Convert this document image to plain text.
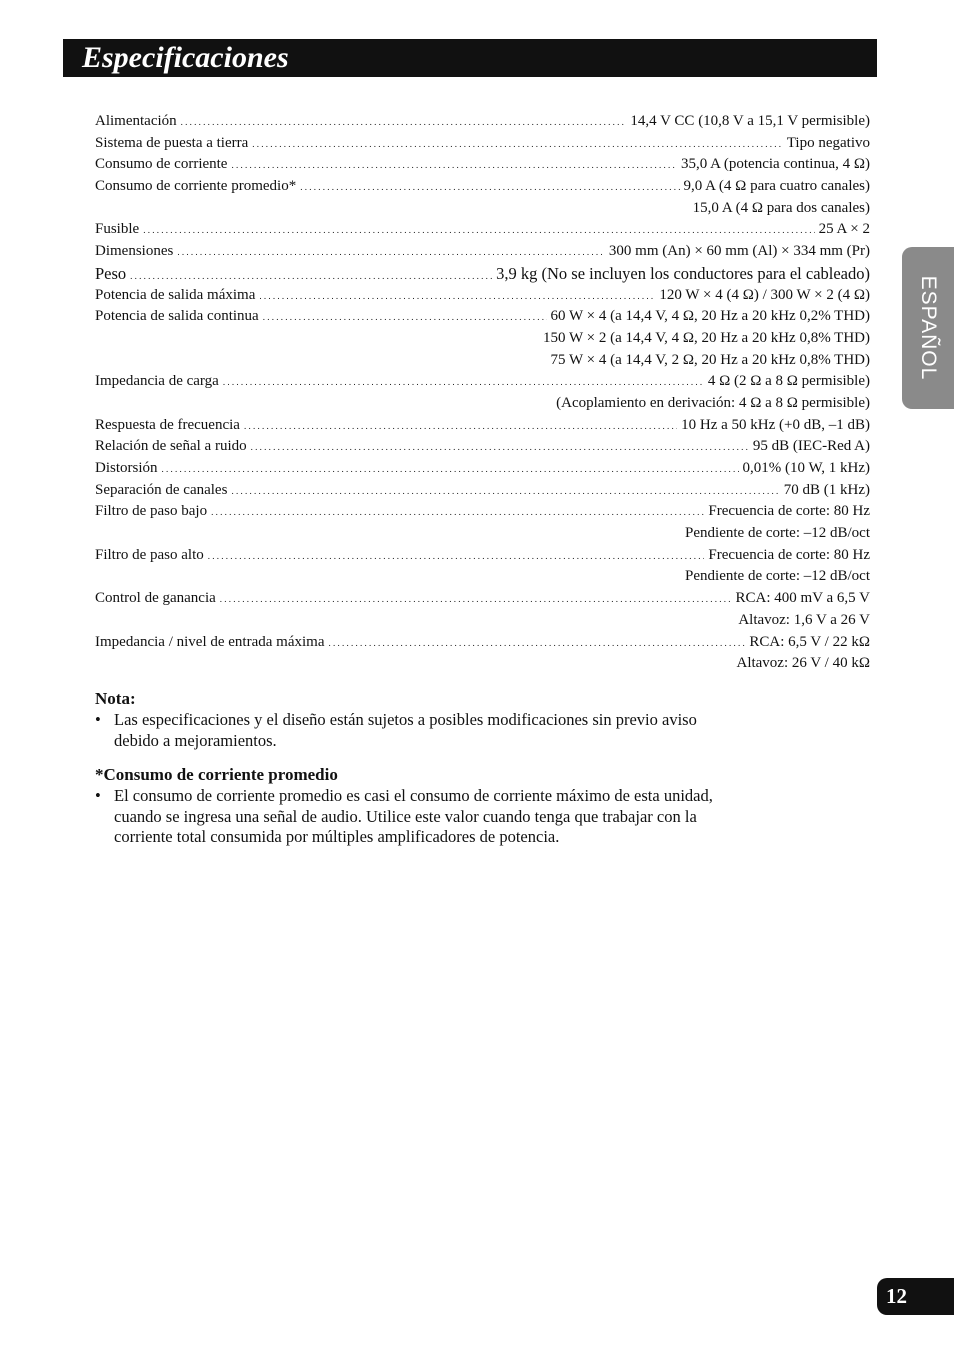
Especificaciones
ESPAÑOL
Alimentación . . .	14,4 V CC (10,8 V a 15,1 V permisible)
Sistema de puesta a tierra . . .	Tipo negativo
Consumo de corriente . . .	35,0 A (potencia continua, 4 Ω)
Consumo de corriente promedio* . . .	9,0 A (4 Ω para cuatro canales)
15,0 A (4 Ω para dos canales)
Fusible . . .	25 A × 2
Dimensiones . . .	300 mm (An) × 60 mm (Al) × 334 mm (Pr)
Peso . . .	3,9 kg (No se incluyen los conductores para el cableado)
Potencia de salida máxima . . .	120 W × 4 (4 Ω) / 300 W × 2 (4 Ω)
Potencia de salida continua . . .	60 W × 4 (a 14,4 V, 4 Ω, 20 Hz a 20 kHz 0,2% THD)
150 W × 2 (a 14,4 V, 4 Ω, 20 Hz a 20 kHz 0,8% THD)
75 W × 4 (a 14,4 V, 2 Ω, 20 Hz a 20 kHz 0,8% THD)
Impedancia de carga . . .	4 Ω (2 Ω a 8 Ω permisible)
(Acoplamiento en derivación: 4 Ω a 8 Ω permisible)
Respuesta de frecuencia . . .	10 Hz a 50 kHz (+0 dB, –1 dB)
Relación de señal a ruido . . .	95 dB (IEC-Red A)
Distorsión . . .	0,01% (10 W, 1 kHz)
Separación de canales . . .	70 dB (1 kHz)
Filtro de paso bajo . . .	Frecuencia de corte: 80 Hz
Pendiente de corte: –12 dB/oct
Filtro de paso alto . . .	Frecuencia de corte: 80 Hz
Pendiente de corte: –12 dB/oct
Control de ganancia . . .	RCA: 400 mV a 6,5 V
Altavoz: 1,6 V a 26 V
Impedancia / nivel de entrada máxima . . .	RCA: 6,5 V / 22 kΩ
Altavoz: 26 V / 40 kΩ
Nota:
• Las especificaciones y el diseño están sujetos a posibles modificaciones sin previo aviso debido a mejoramientos.
*Consumo de corriente promedio
• El consumo de corriente promedio es casi el consumo de corriente máximo de esta unidad, cuando se ingresa una señal de audio. Utilice este valor cuando tenga que trabajar con la corriente total consumida por múltiples amplificadores de potencia.
12
